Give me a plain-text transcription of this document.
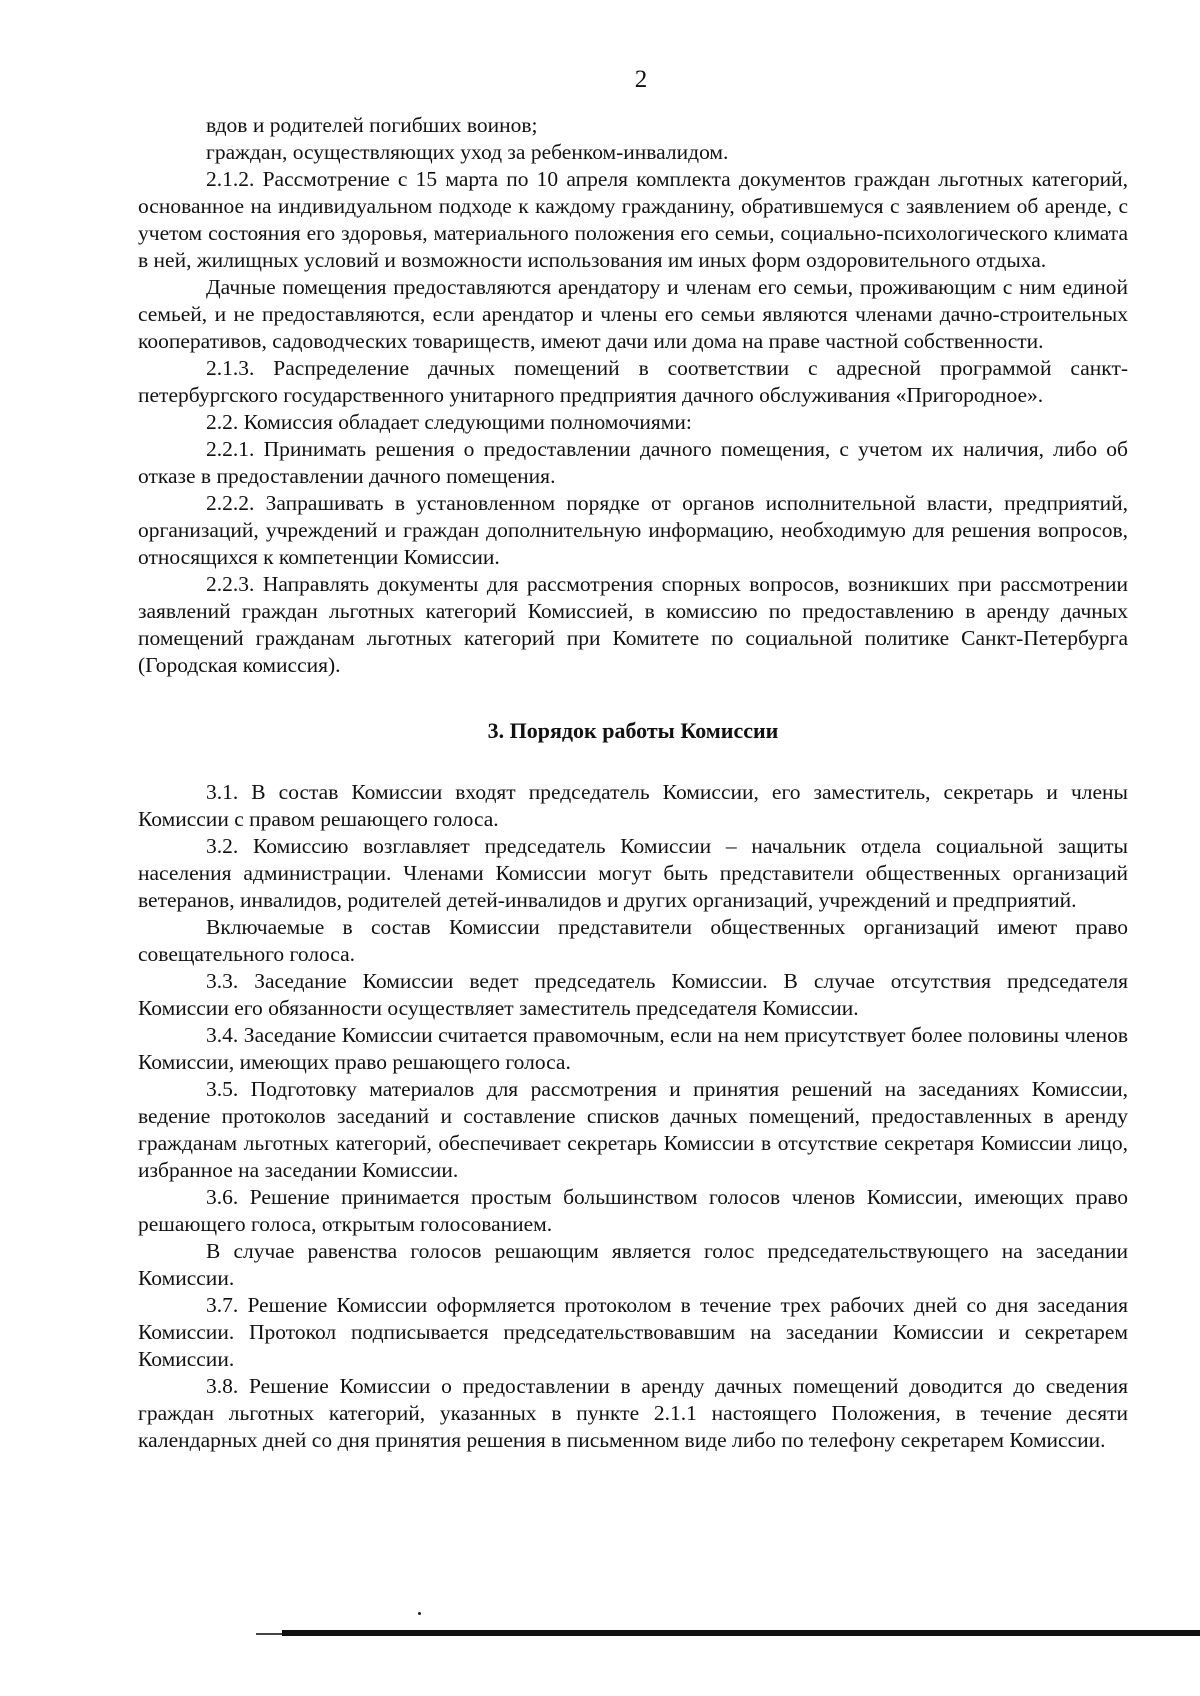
2

вдов и родителей погибших воинов;

граждан, осуществляющих уход за ребенком-инвалидом.

2.1.2. Рассмотрение с 15 марта по 10 апреля комплекта документов граждан льготных категорий, основанное на индивидуальном подходе к каждому гражданину, обратившемуся с заявлением об аренде, с учетом состояния его здоровья, материального положения его семьи, социально-психологического климата в ней, жилищных условий и возможности использования им иных форм оздоровительного отдыха.

Дачные помещения предоставляются арендатору и членам его семьи, проживающим с ним единой семьей, и не предоставляются, если арендатор и члены его семьи являются членами дачно-строительных кооперативов, садоводческих товариществ, имеют дачи или дома на праве частной собственности.

2.1.3. Распределение дачных помещений в соответствии с адресной программой санкт-петербургского государственного унитарного предприятия дачного обслуживания «Пригородное».

2.2. Комиссия обладает следующими полномочиями:

2.2.1. Принимать решения о предоставлении дачного помещения, с учетом их наличия, либо об отказе в предоставлении дачного помещения.

2.2.2. Запрашивать в установленном порядке от органов исполнительной власти, предприятий, организаций, учреждений и граждан дополнительную информацию, необходимую для решения вопросов, относящихся к компетенции Комиссии.

2.2.3. Направлять документы для рассмотрения спорных вопросов, возникших при рассмотрении заявлений граждан льготных категорий Комиссией, в комиссию по предоставлению в аренду дачных помещений гражданам льготных категорий при Комитете по социальной политике Санкт-Петербурга (Городская комиссия).

3. Порядок работы Комиссии

3.1. В состав Комиссии входят председатель Комиссии, его заместитель, секретарь и члены Комиссии с правом решающего голоса.

3.2. Комиссию возглавляет председатель Комиссии – начальник отдела социальной защиты населения администрации. Членами Комиссии могут быть представители общественных организаций ветеранов, инвалидов, родителей детей-инвалидов и других организаций, учреждений и предприятий.

Включаемые в состав Комиссии представители общественных организаций имеют право совещательного голоса.

3.3. Заседание Комиссии ведет председатель Комиссии. В случае отсутствия председателя Комиссии его обязанности осуществляет заместитель председателя Комиссии.

3.4. Заседание Комиссии считается правомочным, если на нем присутствует более половины членов Комиссии, имеющих право решающего голоса.

3.5. Подготовку материалов для рассмотрения и принятия решений на заседаниях Комиссии, ведение протоколов заседаний и составление списков дачных помещений, предоставленных в аренду гражданам льготных категорий, обеспечивает секретарь Комиссии в отсутствие секретаря Комиссии лицо, избранное на заседании Комиссии.

3.6. Решение принимается простым большинством голосов членов Комиссии, имеющих право решающего голоса, открытым голосованием.

В случае равенства голосов решающим является голос председательствующего на заседании Комиссии.

3.7. Решение Комиссии оформляется протоколом в течение трех рабочих дней со дня заседания Комиссии. Протокол подписывается председательствовавшим на заседании Комиссии и секретарем Комиссии.

3.8. Решение Комиссии о предоставлении в аренду дачных помещений доводится до сведения граждан льготных категорий, указанных в пункте 2.1.1 настоящего Положения, в течение десяти календарных дней со дня принятия решения в письменном виде либо по телефону секретарем Комиссии.
